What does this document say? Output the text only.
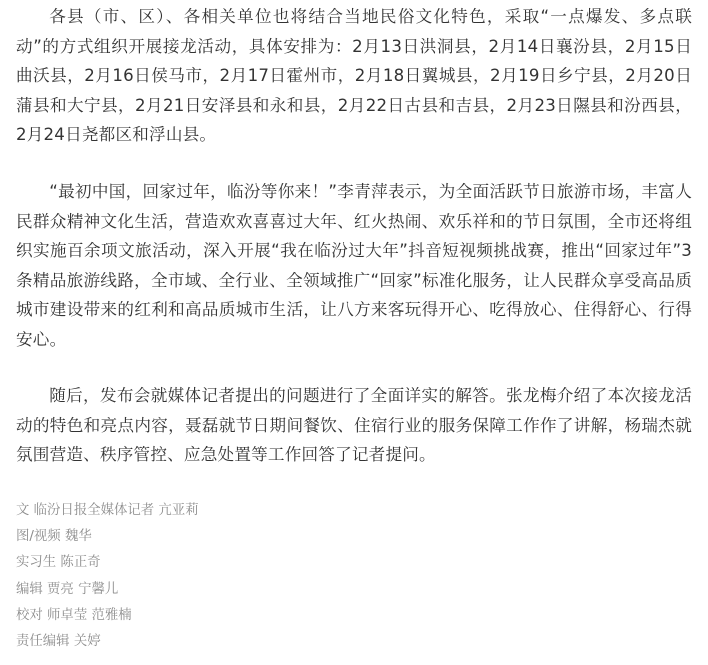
各县（市、区）、各相关单位也将结合当地民俗文化特色，采取“一点爆发、多点联动”的方式组织开展接龙活动，具体安排为：2月13日洪洞县，2月14日襄汾县，2月15日曲沃县，2月16日侯马市，2月17日霍州市，2月18日翼城县，2月19日乡宁县，2月20日蒲县和大宁县，2月21日安泽县和永和县，2月22日古县和吉县，2月23日隰县和汾西县，2月24日尧都区和浮山县。

“最初中国，回家过年，临汾等你来！”李青萍表示，为全面活跃节日旅游市场，丰富人民群众精神文化生活，营造欢欢喜喜过大年、红火热闹、欢乐祥和的节日氛围，全市还将组织实施百余项文旅活动，深入开展“我在临汾过大年”抖音短视频挑战赛，推出“回家过年”3条精品旅游线路，全市域、全行业、全领域推广“回家”标准化服务，让人民群众享受高品质城市建设带来的红利和高品质城市生活，让八方来客玩得开心、吃得放心、住得舒心、行得安心。

随后，发布会就媒体记者提出的问题进行了全面详实的解答。张龙梅介绍了本次接龙活动的特色和亮点内容，聂磊就节日期间餐饮、住宿行业的服务保障工作作了讲解，杨瑞杰就氛围营造、秩序管控、应急处置等工作回答了记者提问。

文 临汾日报全媒体记者 亢亚莉
图/视频 魏华
实习生 陈正奇
编辑 贾亮 宁馨儿
校对 师卓莹 范雅楠
责任编辑 关婷
